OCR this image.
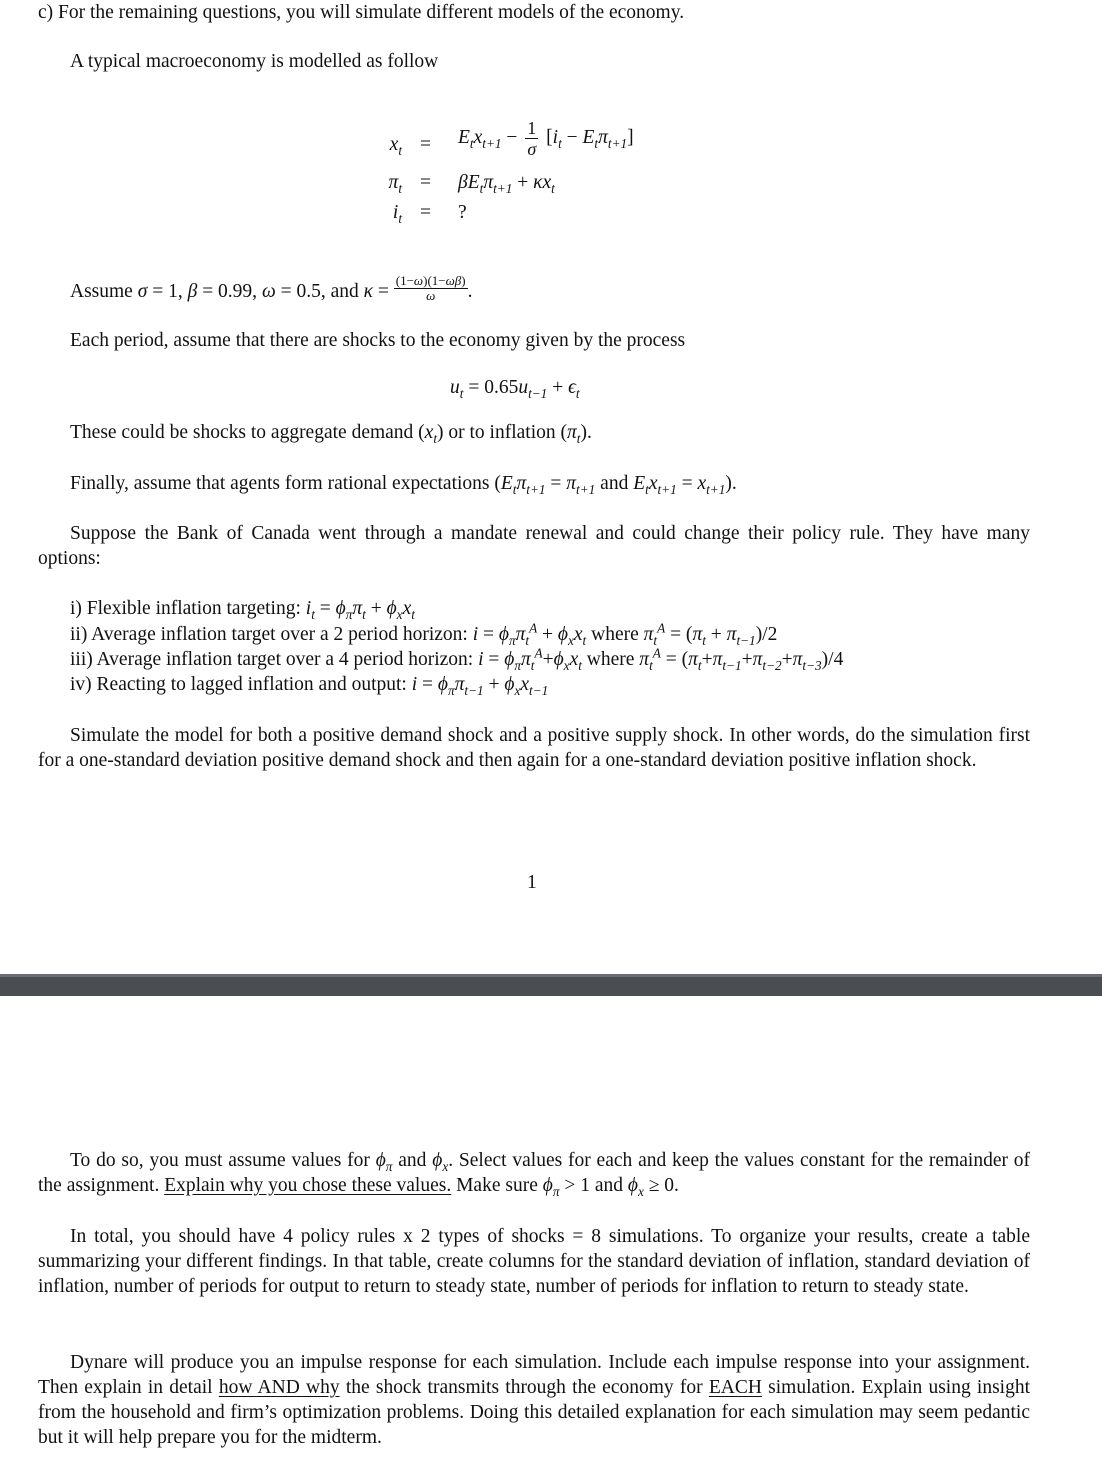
c) For the remaining questions, you will simulate different models of the economy.
A typical macroeconomy is modelled as follow
$x_t = E_tx_{t+1} - \frac{1}{\sigma} [i_t - E_t\pi_{t+1}]$
$\pi_t = \beta E_t\pi_{t+1} + \kappa x_t$
$i_t$ = ?
Assume σ = 1, β = 0.99, ω = 0.5, and $\kappa = \frac{(1-\omega)(1-\omega\beta)}{\omega}$ .
Each period, assume that there are shocks to the economy given by the process
$u_t = 0.65u_{t-1} + \epsilon_t$
These could be shocks to aggregate demand $(x_t)$ or to inflation $(\pi_t)$.
Finally, assume that agents form rational expectations ($E_t\pi_{t+1} = \pi_{t+1}$ and $E_tx_{t+1} = x_{t+1}$).
Suppose the Bank of Canada went through a mandate renewal and could change their policy rule. They have many options:
i) Flexible inflation targeting: $i_t = \phi_\pi\pi_t + \phi_xx_t$
ii) Average inflation target over a 2 period horizon: $i = \phi_\pi\pi_t^A + \phi_xx_t$ where $\pi_t^A = (\pi_t + \pi_{t-1})/2$
iii) Average inflation target over a 4 period horizon: $i = \phi_\pi\pi_t^A+\phi_xx_t$ where $\pi_t^A = (\pi_t+\pi_{t-1}+\pi_{t-2}+\pi_{t-3})/4$
iv) Reacting to lagged inflation and output: $i = \phi_\pi\pi_{t-1} + \phi_xx_{t-1}$
Simulate the model for both a positive demand shock and a positive supply shock. In other words, do the simulation first for a one-standard deviation positive demand shock and then again for a one-standard deviation positive inflation shock.
1
To do so, you must assume values for $\phi_\pi$ and $\phi_x$. Select values for each and keep the values constant for the remainder of the assignment. Explain why you chose these values. Make sure $\phi_\pi > 1$ and $\phi_x \ge 0$.
In total, you should have 4 policy rules x 2 types of shocks = 8 simulations. To organize your results, create a table summarizing your different findings. In that table, create columns for the standard deviation of inflation, standard deviation of inflation, number of periods for output to return to steady state, number of periods for inflation to return to steady state.
Dynare will produce you an impulse response for each simulation. Include each impulse response into your assignment. Then explain in detail how AND why the shock transmits through the economy for EACH simulation. Explain using insight from the household and firm’s optimization problems. Doing this detailed explanation for each simulation may seem pedantic but it will help prepare you for the midterm.
